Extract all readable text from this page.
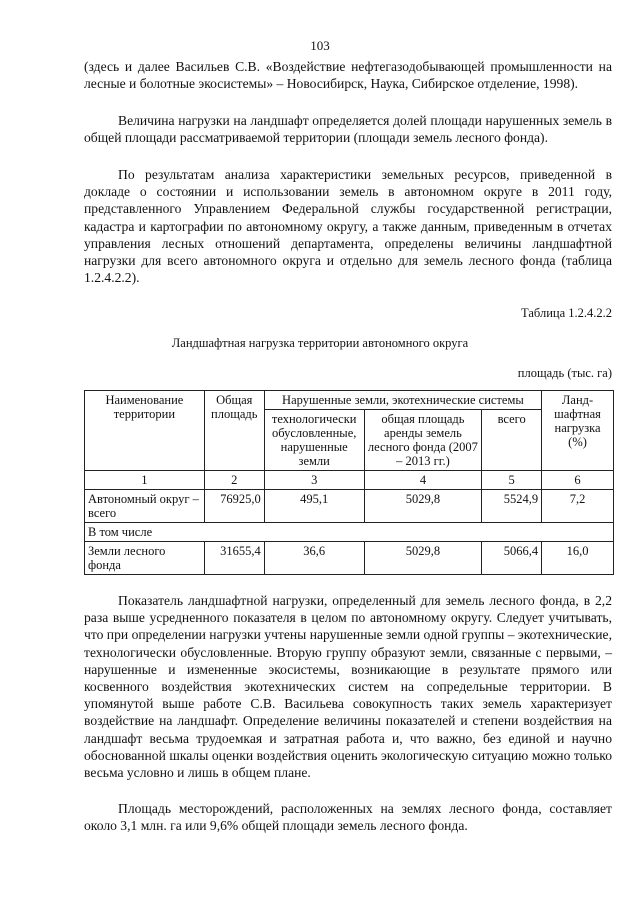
103

(здесь и далее Васильев С.В. «Воздействие нефтегазодобывающей промышленности на лесные и болотные экосистемы» – Новосибирск, Наука, Сибирское отделение, 1998).

Величина нагрузки на ландшафт определяется долей площади нарушенных земель в общей площади рассматриваемой территории (площади земель лесного фонда).

По результатам анализа характеристики земельных ресурсов, приведенной в докладе о состоянии и использовании земель в автономном округе в 2011 году, представленного Управлением Федеральной службы государственной регистрации, кадастра и картографии по автономному округу, а также данным, приведенным в отчетах управления лесных отношений департамента, определены величины ландшафтной нагрузки для всего автономного округа и отдельно для земель лесного фонда (таблица 1.2.4.2.2).

Таблица 1.2.4.2.2
Ландшафтная нагрузка территории автономного округа
площадь (тыс. га)
Наименование территории	Общая площадь	Нарушенные земли, экотехнические системы			Ланд-шафтная нагрузка (%)
		технологически обусловленные, нарушенные земли	общая площадь аренды земель лесного фонда (2007 – 2013 гг.)	всего	
1	2	3	4	5	6
Автономный округ – всего	76925,0	495,1	5029,8	5524,9	7,2
В том числе					
Земли лесного фонда	31655,4	36,6	5029,8	5066,4	16,0

Показатель ландшафтной нагрузки, определенный для земель лесного фонда, в 2,2 раза выше усредненного показателя в целом по автономному округу. Следует учитывать, что при определении нагрузки учтены нарушенные земли одной группы – экотехнические, технологически обусловленные. Вторую группу образуют земли, связанные с первыми, – нарушенные и измененные экосистемы, возникающие в результате прямого или косвенного воздействия экотехнических систем на сопредельные территории. В упомянутой выше работе С.В. Васильева совокупность таких земель характеризует воздействие на ландшафт. Определение величины показателей и степени воздействия на ландшафт весьма трудоемкая и затратная работа и, что важно, без единой и научно обоснованной шкалы оценки воздействия оценить экологическую ситуацию можно только весьма условно и лишь в общем плане.

Площадь месторождений, расположенных на землях лесного фонда, составляет около 3,1 млн. га или 9,6% общей площади земель лесного фонда.
